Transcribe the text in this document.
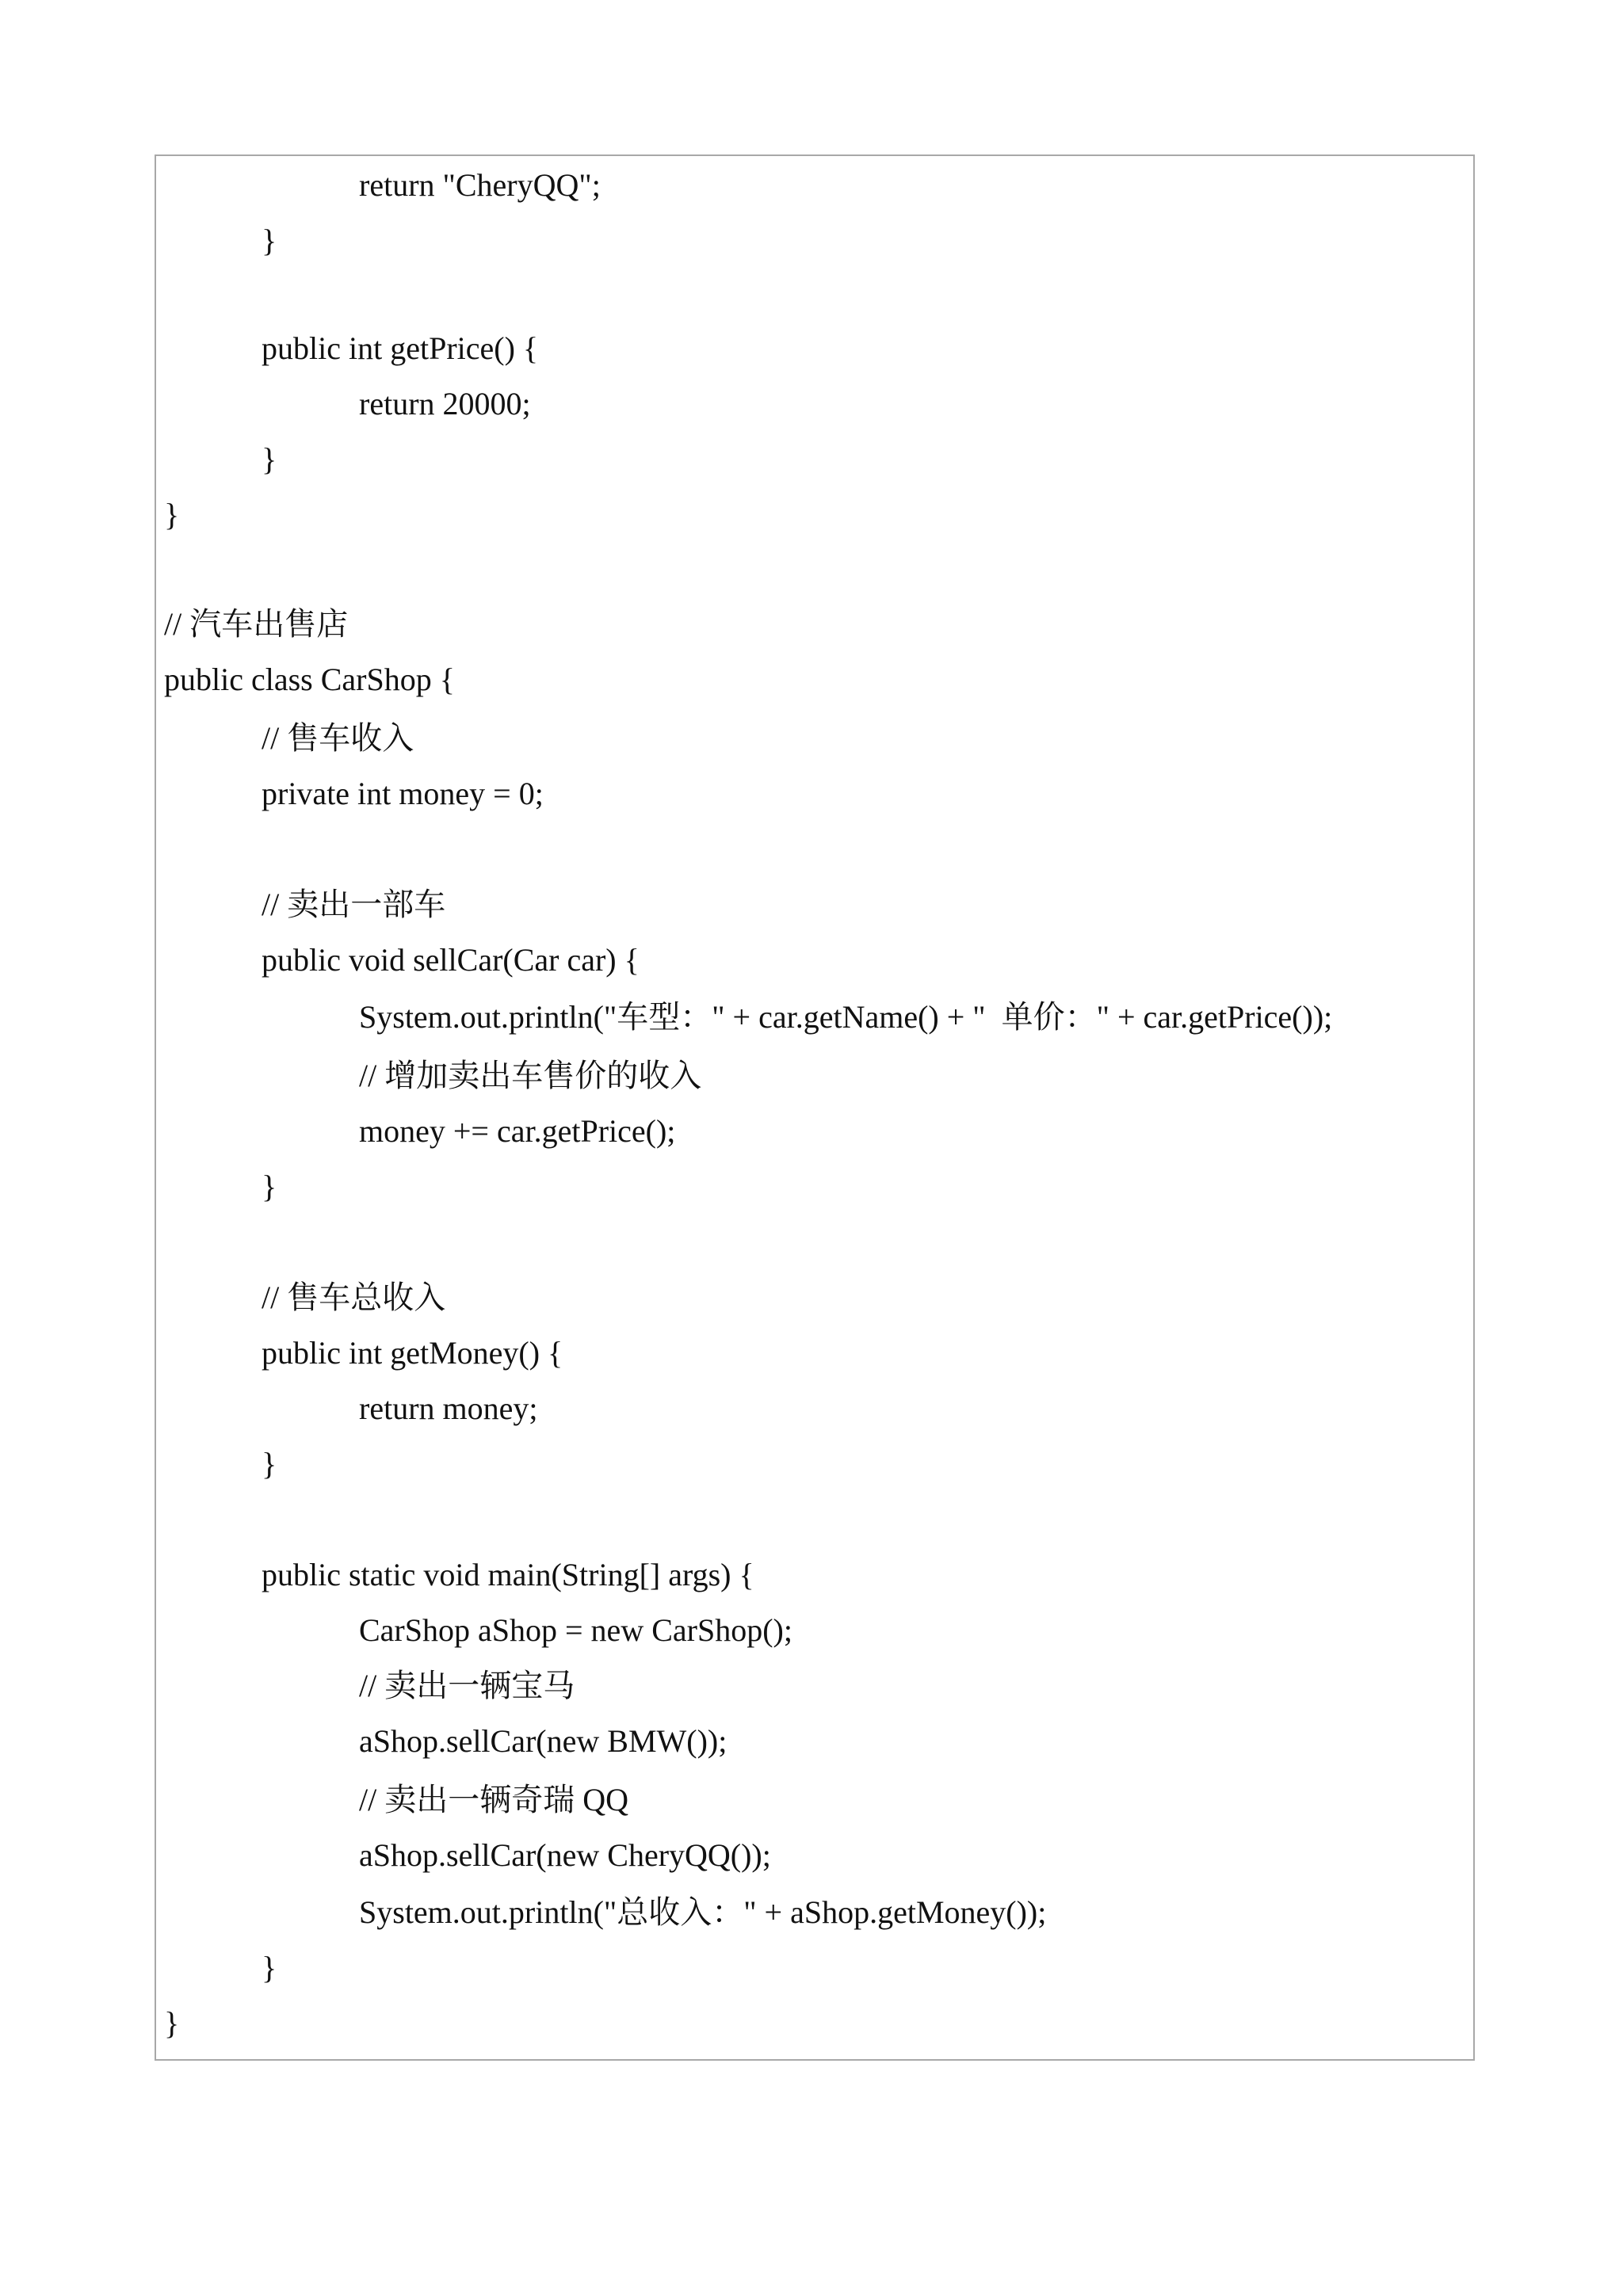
return "CheryQQ";
}
public int getPrice() {
return 20000;
}
}
// 汽车出售店
public class CarShop {
// 售车收入
private int money = 0;
// 卖出一部车
public void sellCar(Car car) {
System.out.println("车型：" + car.getName() + "  单价：" + car.getPrice());
// 增加卖出车售价的收入
money += car.getPrice();
}
// 售车总收入
public int getMoney() {
return money;
}
public static void main(String[] args) {
CarShop aShop = new CarShop();
// 卖出一辆宝马
aShop.sellCar(new BMW());
// 卖出一辆奇瑞 QQ
aShop.sellCar(new CheryQQ());
System.out.println("总收入：" + aShop.getMoney());
}
}
